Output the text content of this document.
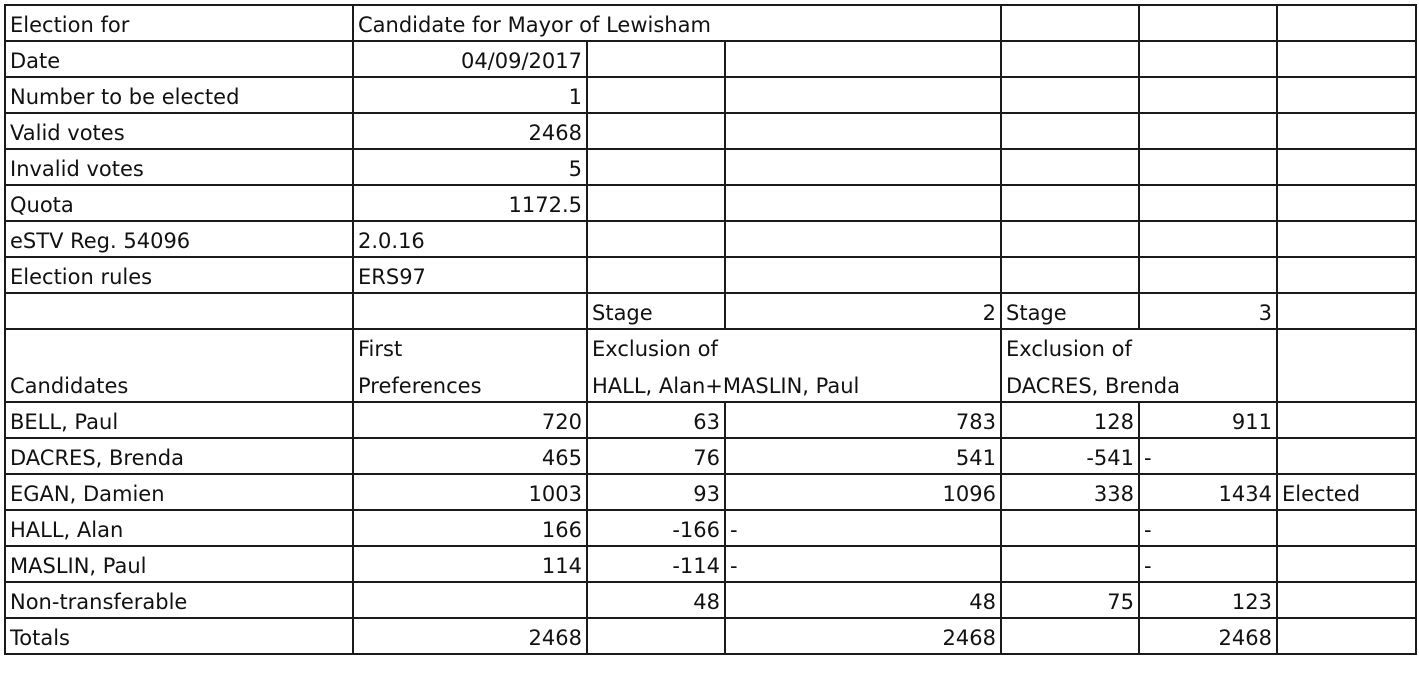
Election for	Candidate for Mayor of Lewisham					
Date	04/09/2017					
Number to be elected	1					
Valid votes	2468					
Invalid votes	5					
Quota	1172.5					
eSTV Reg. 54096	2.0.16					
Election rules	ERS97					
		Stage	2	Stage	3	
	First	Exclusion of		Exclusion of		
Candidates	Preferences	HALL, Alan+MASLIN, Paul		DACRES, Brenda		
BELL, Paul	720	63	783	128	911	
DACRES, Brenda	465	76	541	-541	-	
EGAN, Damien	1003	93	1096	338	1434	Elected
HALL, Alan	166	-166	-		-	
MASLIN, Paul	114	-114	-		-	
Non-transferable		48	48	75	123	
Totals	2468		2468		2468	
